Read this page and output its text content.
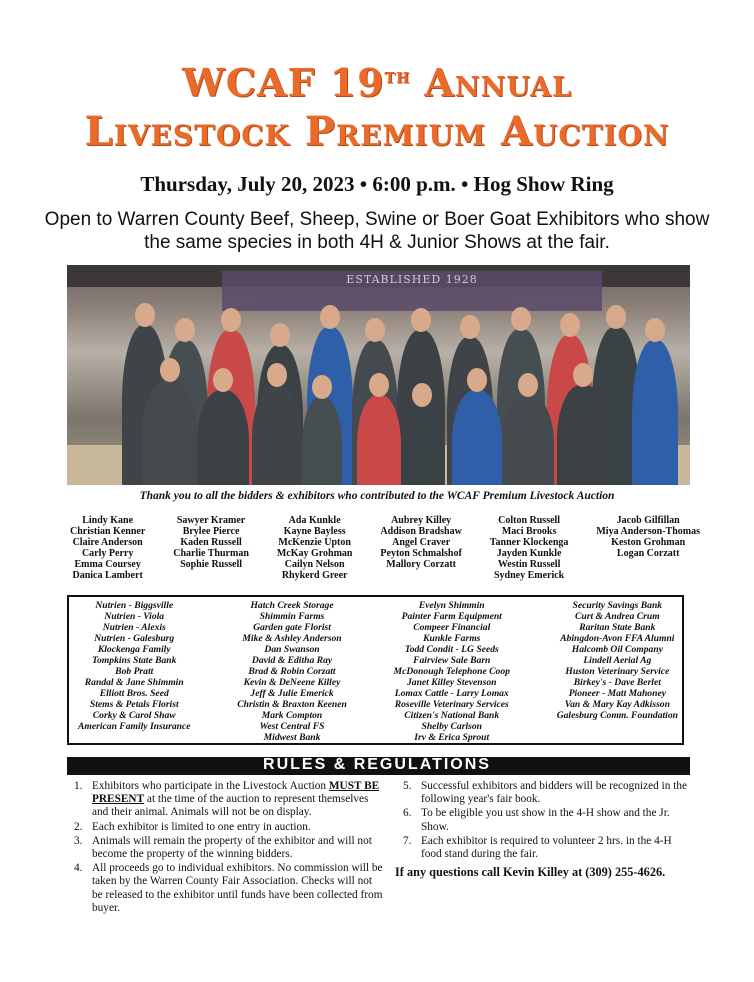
WCAF 19th Annual
Livestock Premium Auction
Thursday, July 20, 2023 • 6:00 p.m. • Hog Show Ring
Open to Warren County Beef, Sheep, Swine or Boer Goat Exhibitors who show the same species in both 4H & Junior Shows at the fair.
ESTABLISHED 1928
Thank you to all the bidders & exhibitors who contributed to the WCAF Premium Livestock Auction
Lindy Kane
Christian Kenner
Claire Anderson
Carly Perry
Emma Coursey
Danica Lambert
Sawyer Kramer
Brylee Pierce
Kaden Russell
Charlie Thurman
Sophie Russell
Ada Kunkle
Kayne Bayless
McKenzie Upton
McKay Grohman
Cailyn Nelson
Rhykerd Greer
Aubrey Killey
Addison Bradshaw
Angel Craver
Peyton Schmalshof
Mallory Corzatt
Colton Russell
Maci Brooks
Tanner Klockenga
Jayden Kunkle
Westin Russell
Sydney Emerick
Jacob Gilfillan
Miya Anderson-Thomas
Keston Grohman
Logan Corzatt
Nutrien - Biggsville
Nutrien - Viola
Nutrien - Alexis
Nutrien - Galesburg
Klockenga Family
Tompkins State Bank
Bob Pratt
Randal & Jane Shimmin
Elliott Bros. Seed
Stems & Petals Florist
Corky & Carol Shaw
American Family Insurance
Hatch Creek Storage
Shimmin Farms
Garden gate Florist
Mike & Ashley Anderson
Dan Swanson
David & Editha Ray
Brad & Robin Corzatt
Kevin & DeNeene Killey
Jeff & Julie Emerick
Christin & Braxton Keenen
Mark Compton
West Central FS
Midwest Bank
Evelyn Shimmin
Painter Farm Equipment
Compeer Financial
Kunkle Farms
Todd Condit - LG Seeds
Fairview Sale Barn
McDonough Telephone Coop
Janet Killey Stevenson
Lomax Cattle - Larry Lomax
Roseville Veterinary Services
Citizen's National Bank
Shelby Carlson
Irv & Erica Sprout
Security Savings Bank
Curt & Andrea Crum
Raritan State Bank
Abingdon-Avon FFA Alumni
Halcomb Oil Company
Lindell Aerial Ag
Huston Veterinary Service
Birkey's - Dave Berlet
Pioneer - Matt Mahoney
Van & Mary Kay Adkisson
Galesburg Comm. Foundation
RULES & REGULATIONS
1. Exhibitors who participate in the Livestock Auction MUST BE PRESENT at the time of the auction to represent themselves and their animal. Animals will not be on display.
2. Each exhibitor is limited to one entry in auction.
3. Animals will remain the property of the exhibitor and will not become the property of the winning bidders.
4. All proceeds go to individual exhibitors. No commission will be taken by the Warren County Fair Association. Checks will not be released to the exhibitor until funds have been collected from buyer.
5. Successful exhibitors and bidders will be recognized in the following year's fair book.
6. To be eligible you ust show in the 4-H show and the Jr. Show.
7. Each exhibitor is required to volunteer 2 hrs. in the 4-H food stand during the fair.
If any questions call Kevin Killey at (309) 255-4626.
